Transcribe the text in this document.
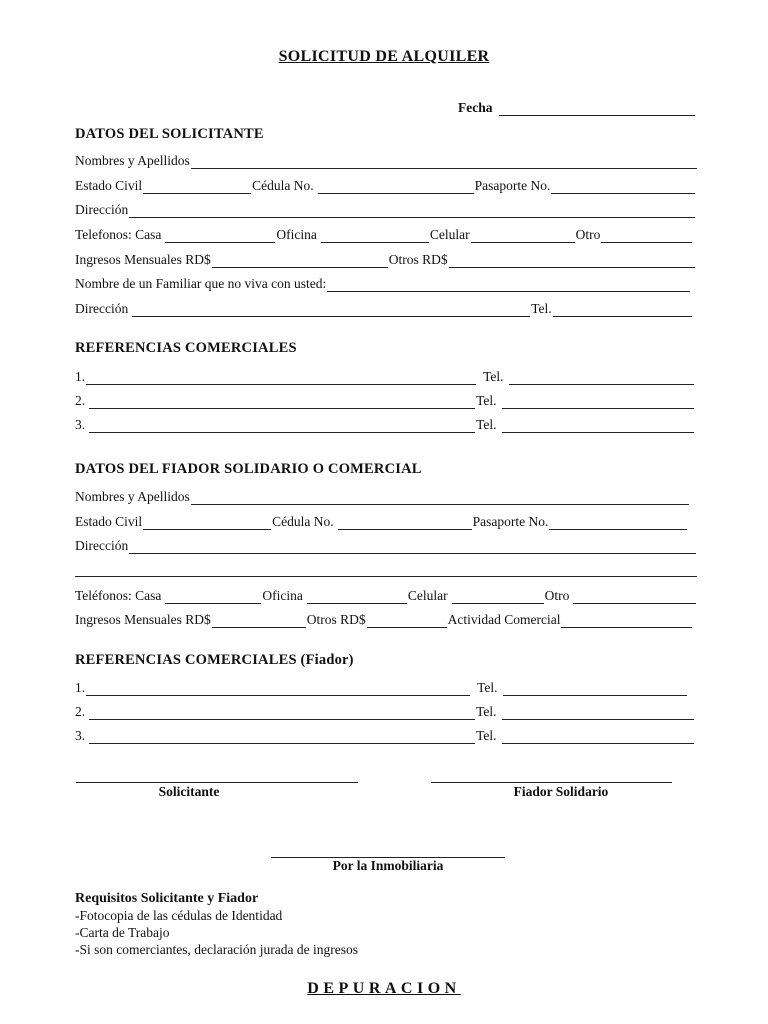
SOLICITUD DE ALQUILER
Fecha
DATOS DEL SOLICITANTE
Nombres y Apellidos
Estado Civil	Cédula No.	Pasaporte No.
Dirección
Telefonos: Casa	Oficina	Celular	Otro
Ingresos Mensuales RD$	Otros RD$
Nombre de un Familiar que no viva con usted:
Dirección	Tel.
REFERENCIAS COMERCIALES
1.	Tel.
2.	Tel.
3.	Tel.
DATOS DEL FIADOR SOLIDARIO O COMERCIAL
Nombres y Apellidos
Estado Civil	Cédula No.	Pasaporte No.
Dirección
Teléfonos: Casa	Oficina	Celular	Otro
Ingresos Mensuales RD$	Otros RD$	Actividad Comercial
REFERENCIAS COMERCIALES (Fiador)
1.	Tel.
2.	Tel.
3.	Tel.
Solicitante	Fiador Solidario
Por la Inmobiliaria
Requisitos Solicitante y Fiador
-Fotocopia de las cédulas de Identidad
-Carta de Trabajo
-Si son comerciantes, declaración jurada de ingresos
DEPURACION
